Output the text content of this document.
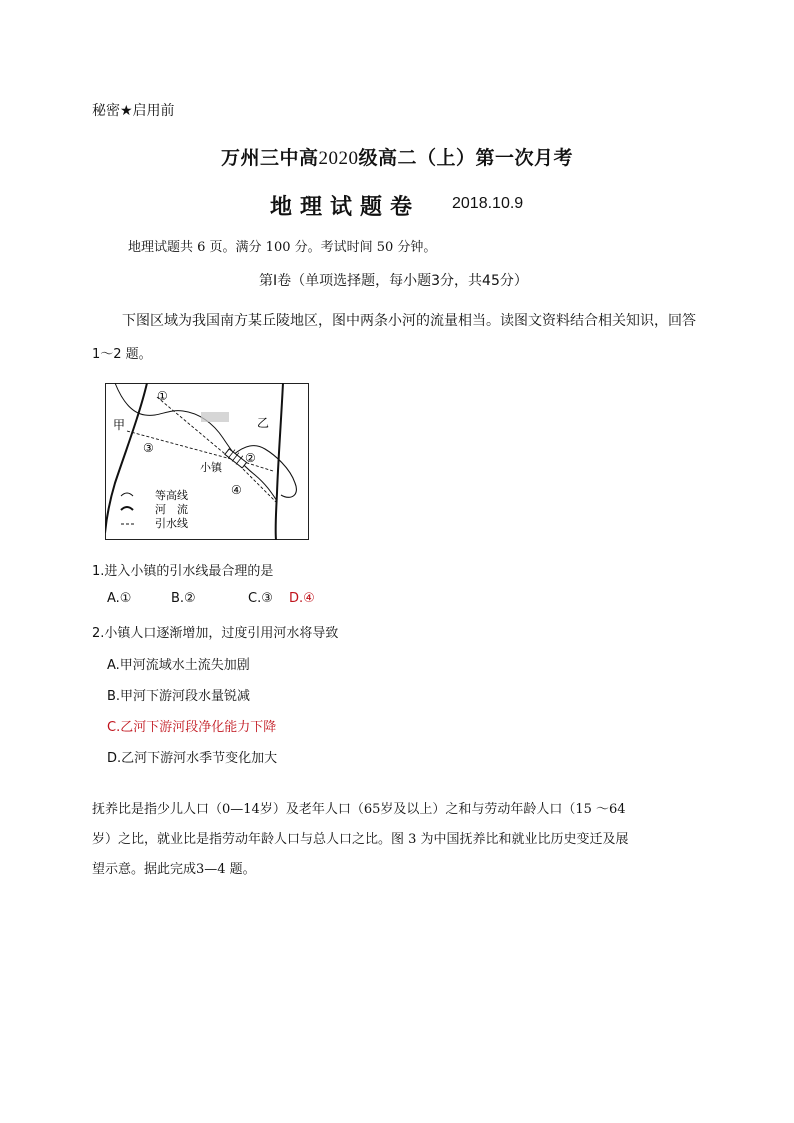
秘密★启用前
万州三中高2020级高二（上）第一次月考
地理试题卷 2018.10.9
地理试题共 6 页。满分 100 分。考试时间 50 分钟。
第Ⅰ卷（单项选择题，每小题3分，共45分）
下图区域为我国南方某丘陵地区，图中两条小河的流量相当。读图文资料结合相关知识，回答
1～2 题。
甲	乙
小镇
①
②
③
④
等高线
河　流
引水线
1.进入小镇的引水线最合理的是
A.①	B.②	C.③ D.④
2.小镇人口逐渐增加，过度引用河水将导致
A.甲河流域水土流失加剧
B.甲河下游河段水量锐减
C.乙河下游河段净化能力下降
D.乙河下游河水季节变化加大
抚养比是指少儿人口（0—14岁）及老年人口（65岁及以上）之和与劳动年龄人口（15 ～64
岁）之比，就业比是指劳动年龄人口与总人口之比。图 3 为中国抚养比和就业比历史变迁及展
望示意。据此完成3—4 题。
